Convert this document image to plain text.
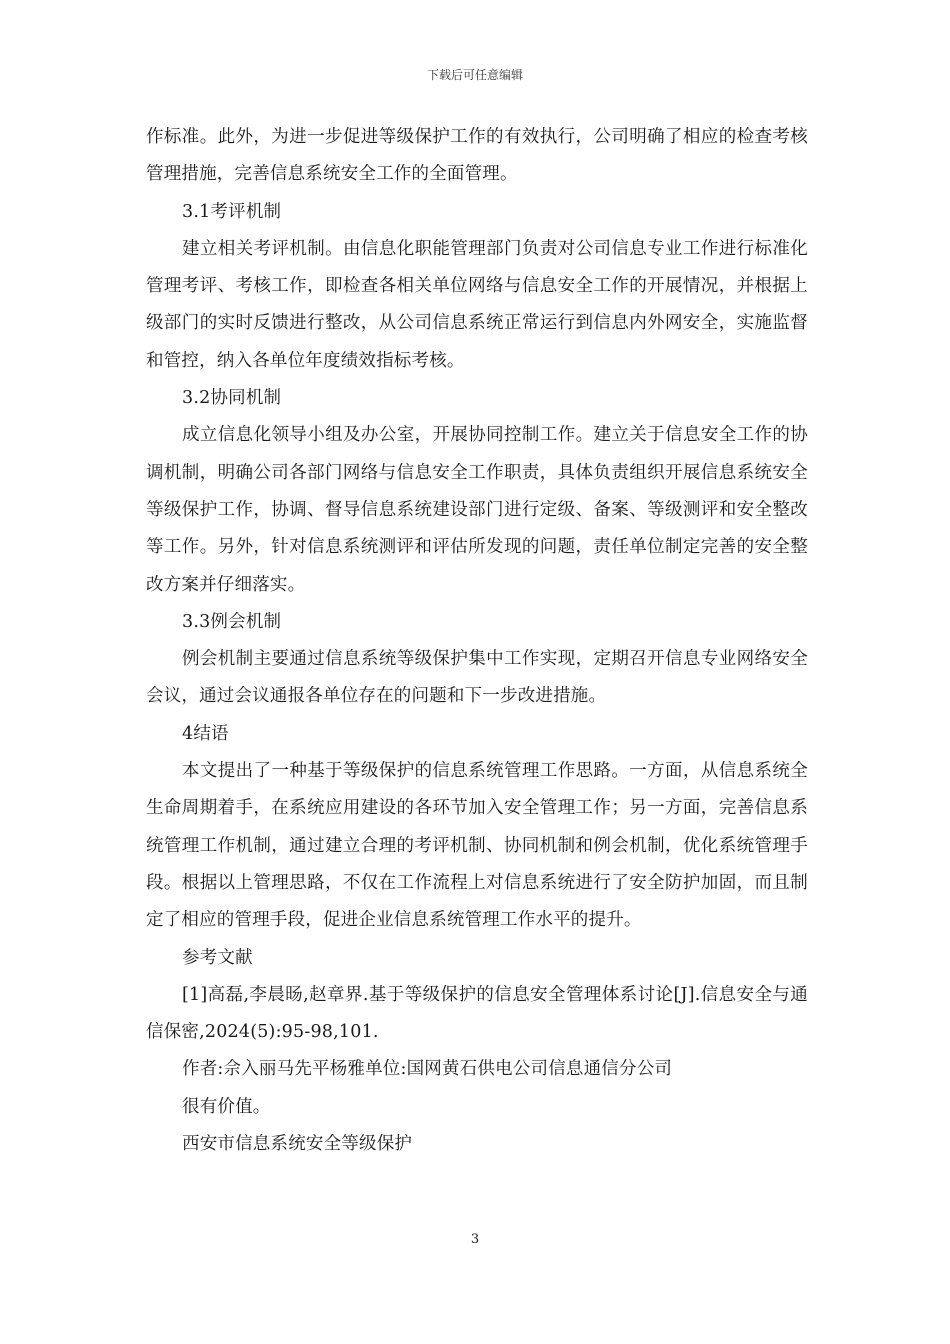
下载后可任意编辑

作标准。此外，为进一步促进等级保护工作的有效执行，公司明确了相应的检查考核管理措施，完善信息系统安全工作的全面管理。

3.1考评机制

建立相关考评机制。由信息化职能管理部门负责对公司信息专业工作进行标准化管理考评、考核工作，即检查各相关单位网络与信息安全工作的开展情况，并根据上级部门的实时反馈进行整改，从公司信息系统正常运行到信息内外网安全，实施监督和管控，纳入各单位年度绩效指标考核。

3.2协同机制

成立信息化领导小组及办公室，开展协同控制工作。建立关于信息安全工作的协调机制，明确公司各部门网络与信息安全工作职责，具体负责组织开展信息系统安全等级保护工作，协调、督导信息系统建设部门进行定级、备案、等级测评和安全整改等工作。另外，针对信息系统测评和评估所发现的问题，责任单位制定完善的安全整改方案并仔细落实。

3.3例会机制

例会机制主要通过信息系统等级保护集中工作实现，定期召开信息专业网络安全会议，通过会议通报各单位存在的问题和下一步改进措施。

4结语

本文提出了一种基于等级保护的信息系统管理工作思路。一方面，从信息系统全生命周期着手，在系统应用建设的各环节加入安全管理工作；另一方面，完善信息系统管理工作机制，通过建立合理的考评机制、协同机制和例会机制，优化系统管理手段。根据以上管理思路，不仅在工作流程上对信息系统进行了安全防护加固，而且制定了相应的管理手段，促进企业信息系统管理工作水平的提升。

参考文献

[1]高磊,李晨旸,赵章界.基于等级保护的信息安全管理体系讨论[J].信息安全与通信保密,2024(5):95-98,101.

作者:佘入丽马先平杨雅单位:国网黄石供电公司信息通信分公司

很有价值。

西安市信息系统安全等级保护

3
